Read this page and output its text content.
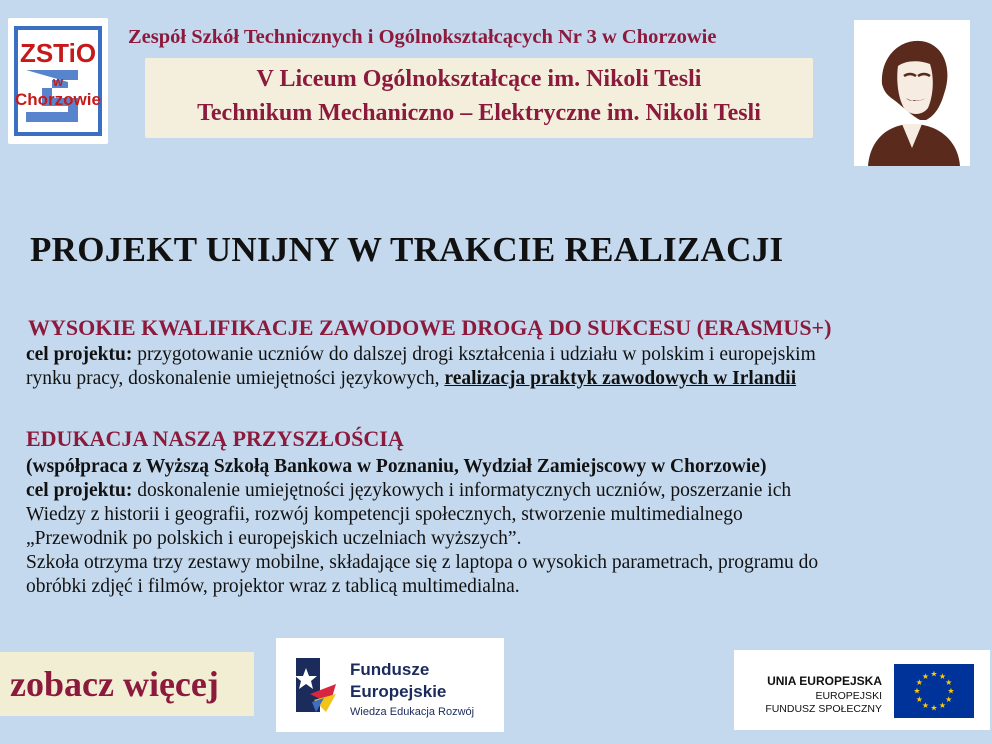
ZSTiO
w
Chorzowie
Zespół Szkół Technicznych i Ogólnokształcących Nr 3 w Chorzowie
V Liceum Ogólnokształcące im. Nikoli Tesli
Technikum Mechaniczno – Elektryczne im. Nikoli Tesli
PROJEKT UNIJNY W TRAKCIE REALIZACJI
WYSOKIE KWALIFIKACJE ZAWODOWE DROGĄ DO SUKCESU (ERASMUS+)
cel projektu: przygotowanie uczniów do dalszej drogi kształcenia i udziału w polskim i europejskim
rynku pracy, doskonalenie umiejętności językowych, realizacja praktyk zawodowych w Irlandii
EDUKACJA NASZĄ PRZYSZŁOŚCIĄ
(współpraca z Wyższą Szkołą Bankowa w Poznaniu, Wydział Zamiejscowy w Chorzowie)
cel projektu: doskonalenie umiejętności językowych i informatycznych uczniów, poszerzanie ich
Wiedzy z historii i geografii, rozwój kompetencji społecznych, stworzenie multimedialnego
„Przewodnik po polskich i europejskich uczelniach wyższych”.
Szkoła otrzyma trzy zestawy mobilne, składające się z laptopa o wysokich parametrach, programu do
obróbki zdjęć i filmów, projektor wraz z tablicą multimedialna.
zobacz więcej	Fundusze
Europejskie
Wiedza Edukacja Rozwój
UNIA EUROPEJSKA
EUROPEJSKI
FUNDUSZ SPOŁECZNY
★
★
★
★
★
★
★
★
★ ★ ★
★
